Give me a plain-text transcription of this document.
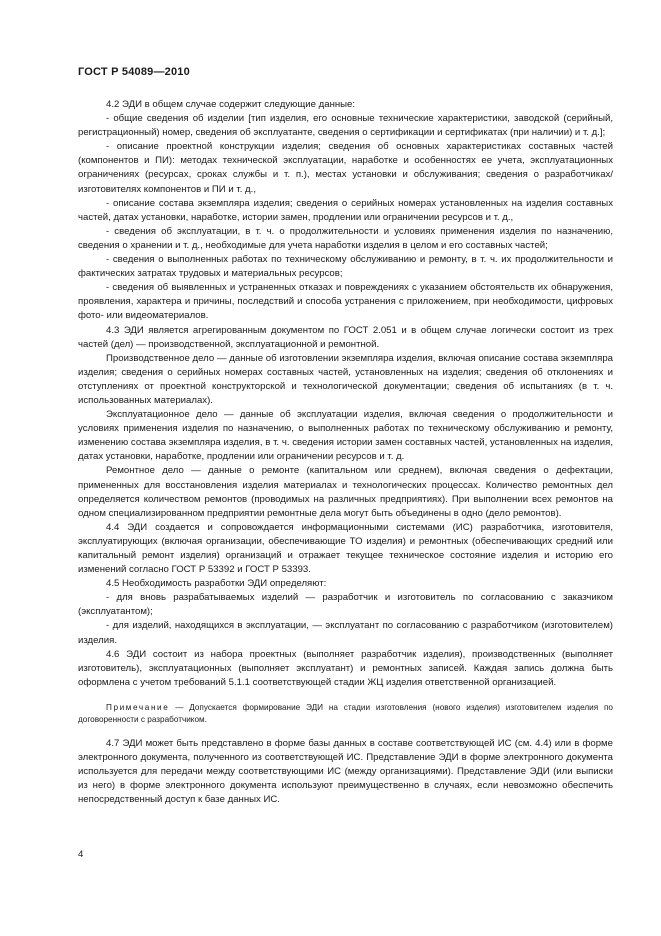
ГОСТ Р 54089—2010

4.2 ЭДИ в общем случае содержит следующие данные:

- общие сведения об изделии [тип изделия, его основные технические характеристики, заводской (серийный, регистрационный) номер, сведения об эксплуатанте, сведения о сертификации и сертификатах (при наличии) и т. д.];

- описание проектной конструкции изделия; сведения об основных характеристиках составных частей (компонентов и ПИ): методах технической эксплуатации, наработке и особенностях ее учета, эксплуатационных ограничениях (ресурсах, сроках службы и т. п.), местах установки и обслуживания; сведения о разработчиках/изготовителях компонентов и ПИ и т. д.,

- описание состава экземпляра изделия; сведения о серийных номерах установленных на изделия составных частей, датах установки, наработке, истории замен, продлении или ограничении ресурсов и т. д.,

- сведения об эксплуатации, в т. ч. о продолжительности и условиях применения изделия по назначению, сведения о хранении и т. д., необходимые для учета наработки изделия в целом и его составных частей;

- сведения о выполненных работах по техническому обслуживанию и ремонту, в т. ч. их продолжительности и фактических затратах трудовых и материальных ресурсов;

- сведения об выявленных и устраненных отказах и повреждениях с указанием обстоятельств их обнаружения, проявления, характера и причины, последствий и способа устранения с приложением, при необходимости, цифровых фото- или видеоматериалов.

4.3 ЭДИ является агрегированным документом по ГОСТ 2.051 и в общем случае логически состоит из трех частей (дел) — производственной, эксплуатационной и ремонтной.

Производственное дело — данные об изготовлении экземпляра изделия, включая описание состава экземпляра изделия; сведения о серийных номерах составных частей, установленных на изделия; сведения об отклонениях и отступлениях от проектной конструкторской и технологической документации; сведения об испытаниях (в т. ч. использованных материалах).

Эксплуатационное дело — данные об эксплуатации изделия, включая сведения о продолжительности и условиях применения изделия по назначению, о выполненных работах по техническому обслуживанию и ремонту, изменению состава экземпляра изделия, в т. ч. сведения истории замен составных частей, установленных на изделия, датах установки, наработке, продлении или ограничении ресурсов и т. д.

Ремонтное дело — данные о ремонте (капитальном или среднем), включая сведения о дефектации, примененных для восстановления изделия материалах и технологических процессах. Количество ремонтных дел определяется количеством ремонтов (проводимых на различных предприятиях). При выполнении всех ремонтов на одном специализированном предприятии ремонтные дела могут быть объединены в одно (дело ремонтов).

4.4 ЭДИ создается и сопровождается информационными системами (ИС) разработчика, изготовителя, эксплуатирующих (включая организации, обеспечивающие ТО изделия) и ремонтных (обеспечивающих средний или капитальный ремонт изделия) организаций и отражает текущее техническое состояние изделия и историю его изменений согласно ГОСТ Р 53392 и ГОСТ Р 53393.

4.5 Необходимость разработки ЭДИ определяют:

- для вновь разрабатываемых изделий — разработчик и изготовитель по согласованию с заказчиком (эксплуатантом);

- для изделий, находящихся в эксплуатации, — эксплуатант по согласованию с разработчиком (изготовителем) изделия.

4.6 ЭДИ состоит из набора проектных (выполняет разработчик изделия), производственных (выполняет изготовитель), эксплуатационных (выполняет эксплуатант) и ремонтных записей. Каждая запись должна быть оформлена с учетом требований 5.1.1 соответствующей стадии ЖЦ изделия ответственной организацией.

Примечание — Допускается формирование ЭДИ на стадии изготовления (нового изделия) изготовителем изделия по договоренности с разработчиком.

4.7 ЭДИ может быть представлено в форме базы данных в составе соответствующей ИС (см. 4.4) или в форме электронного документа, полученного из соответствующей ИС. Представление ЭДИ в форме электронного документа используется для передачи между соответствующими ИС (между организациями). Представление ЭДИ (или выписки из него) в форме электронного документа используют преимущественно в случаях, если невозможно обеспечить непосредственный доступ к базе данных ИС.

4
